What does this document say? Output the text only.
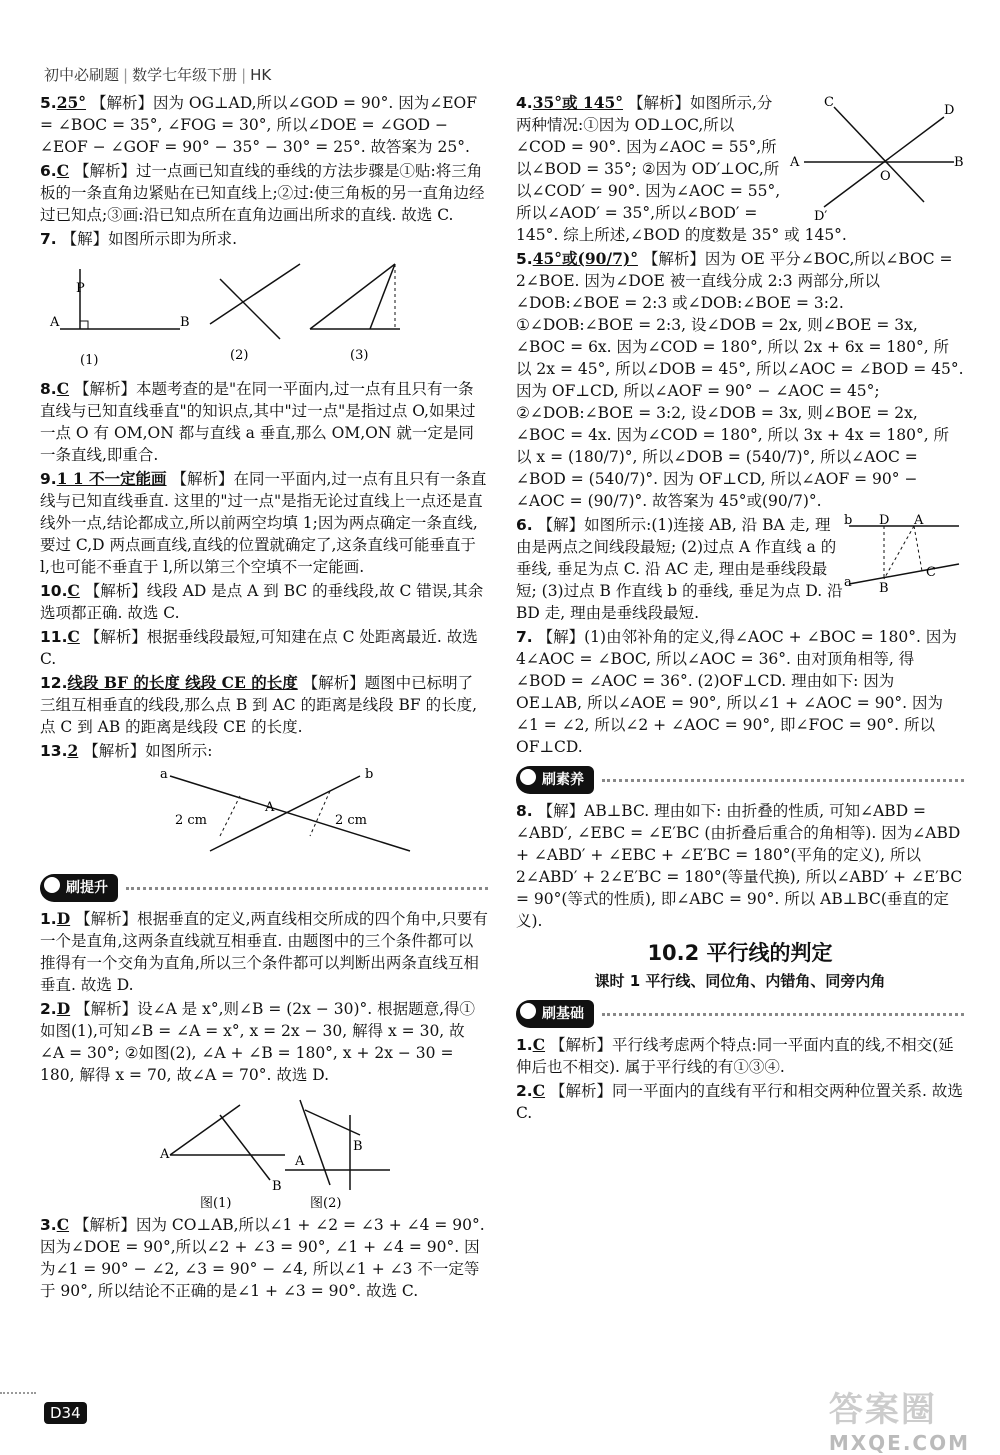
初中必刷题 | 数学七年级下册 | HK
5.25° 【解析】因为 OG⊥AD,所以∠GOD = 90°. 因为∠EOF = ∠BOC = 35°, ∠FOG = 30°, 所以∠DOE = ∠GOD − ∠EOF − ∠GOF = 90° − 35° − 30° = 25°. 故答案为 25°.
6.C 【解析】过一点画已知直线的垂线的方法步骤是①贴:将三角板的一条直角边紧贴在已知直线上;②过:使三角板的另一直角边经过已知点;③画:沿已知点所在直角边画出所求的直线. 故选 C.
7. 【解】如图所示即为所求.
P
A	B
(1)	(2)	(3)
8.C 【解析】本题考查的是"在同一平面内,过一点有且只有一条直线与已知直线垂直"的知识点,其中"过一点"是指过点 O,如果过一点 O 有 OM,ON 都与直线 a 垂直,那么 OM,ON 就一定是同一条直线,即重合.
9.1 1 不一定能画 【解析】在同一平面内,过一点有且只有一条直线与已知直线垂直. 这里的"过一点"是指无论过直线上一点还是直线外一点,结论都成立,所以前两空均填 1;因为两点确定一条直线,要过 C,D 两点画直线,直线的位置就确定了,这条直线可能垂直于 l,也可能不垂直于 l,所以第三个空填不一定能画.
10.C 【解析】线段 AD 是点 A 到 BC 的垂线段,故 C 错误,其余选项都正确. 故选 C.
11.C 【解析】根据垂线段最短,可知建在点 C 处距离最近. 故选 C.
12.线段 BF 的长度 线段 CE 的长度 【解析】题图中已标明了三组互相垂直的线段,那么点 B 到 AC 的距离是线段 BF 的长度,点 C 到 AB 的距离是线段 CE 的长度.
13.2 【解析】如图所示:
a	b
A
2 cm	2 cm
刷提升
1.D 【解析】根据垂直的定义,两直线相交所成的四个角中,只要有一个是直角,这两条直线就互相垂直. 由题图中的三个条件都可以推得有一个交角为直角,所以三个条件都可以判断出两条直线互相垂直. 故选 D.
2.D 【解析】设∠A 是 x°,则∠B = (2x − 30)°. 根据题意,得①如图(1),可知∠B = ∠A = x°, x = 2x − 30, 解得 x = 30, 故∠A = 30°; ②如图(2), ∠A + ∠B = 180°, x + 2x − 30 = 180, 解得 x = 70, 故∠A = 70°. 故选 D.
A
B
图(1)
A
B
图(2)
3.C 【解析】因为 CO⊥AB,所以∠1 + ∠2 = ∠3 + ∠4 = 90°. 因为∠DOE = 90°,所以∠2 + ∠3 = 90°, ∠1 + ∠4 = 90°. 因为∠1 = 90° − ∠2, ∠3 = 90° − ∠4, 所以∠1 + ∠3 不一定等于 90°, 所以结论不正确的是∠1 + ∠3 = 90°. 故选 C.
C
D
A
O
B
D′
4.35°或 145° 【解析】如图所示,分两种情况:①因为 OD⊥OC,所以∠COD = 90°. 因为∠AOC = 55°,所以∠BOD = 35°; ②因为 OD′⊥OC,所以∠COD′ = 90°. 因为∠AOC = 55°,所以∠AOD′ = 35°,所以∠BOD′ = 145°. 综上所述,∠BOD 的度数是 35° 或 145°.
5.45°或(90/7)° 【解析】因为 OE 平分∠BOC,所以∠BOC = 2∠BOE. 因为∠DOE 被一直线分成 2:3 两部分,所以∠DOB:∠BOE = 2:3 或∠DOB:∠BOE = 3:2. ①∠DOB:∠BOE = 2:3, 设∠DOB = 2x, 则∠BOE = 3x, ∠BOC = 6x. 因为∠COD = 180°, 所以 2x + 6x = 180°, 所以 2x = 45°, 所以∠DOB = 45°, 所以∠AOC = ∠BOD = 45°. 因为 OF⊥CD, 所以∠AOF = 90° − ∠AOC = 45°; ②∠DOB:∠BOE = 3:2, 设∠DOB = 3x, 则∠BOE = 2x, ∠BOC = 4x. 因为∠COD = 180°, 所以 3x + 4x = 180°, 所以 x = (180/7)°, 所以∠DOB = (540/7)°, 所以∠AOC = ∠BOD = (540/7)°. 因为 OF⊥CD, 所以∠AOF = 90° − ∠AOC = (90/7)°. 故答案为 45°或(90/7)°.
b D A
a B
C
6. 【解】如图所示:(1)连接 AB, 沿 BA 走, 理由是两点之间线段最短; (2)过点 A 作直线 a 的垂线, 垂足为点 C. 沿 AC 走, 理由是垂线段最短; (3)过点 B 作直线 b 的垂线, 垂足为点 D. 沿 BD 走, 理由是垂线段最短.
7. 【解】(1)由邻补角的定义,得∠AOC + ∠BOC = 180°. 因为 4∠AOC = ∠BOC, 所以∠AOC = 36°. 由对顶角相等, 得∠BOD = ∠AOC = 36°. (2)OF⊥CD. 理由如下: 因为 OE⊥AB, 所以∠AOE = 90°, 所以∠1 + ∠AOC = 90°. 因为∠1 = ∠2, 所以∠2 + ∠AOC = 90°, 即∠FOC = 90°. 所以 OF⊥CD.
刷素养
8. 【解】AB⊥BC. 理由如下: 由折叠的性质, 可知∠ABD = ∠ABD′, ∠EBC = ∠E′BC (由折叠后重合的角相等). 因为∠ABD + ∠ABD′ + ∠EBC + ∠E′BC = 180°(平角的定义), 所以 2∠ABD′ + 2∠E′BC = 180°(等量代换), 所以∠ABD′ + ∠E′BC = 90°(等式的性质), 即∠ABC = 90°. 所以 AB⊥BC(垂直的定义).
10.2 平行线的判定
课时 1 平行线、同位角、内错角、同旁内角
刷基础
1.C 【解析】平行线考虑两个特点:同一平面内直的线,不相交(延伸后也不相交). 属于平行线的有①③④.
2.C 【解析】同一平面内的直线有平行和相交两种位置关系. 故选 C.
D34	答案圈
MXQE.COM
